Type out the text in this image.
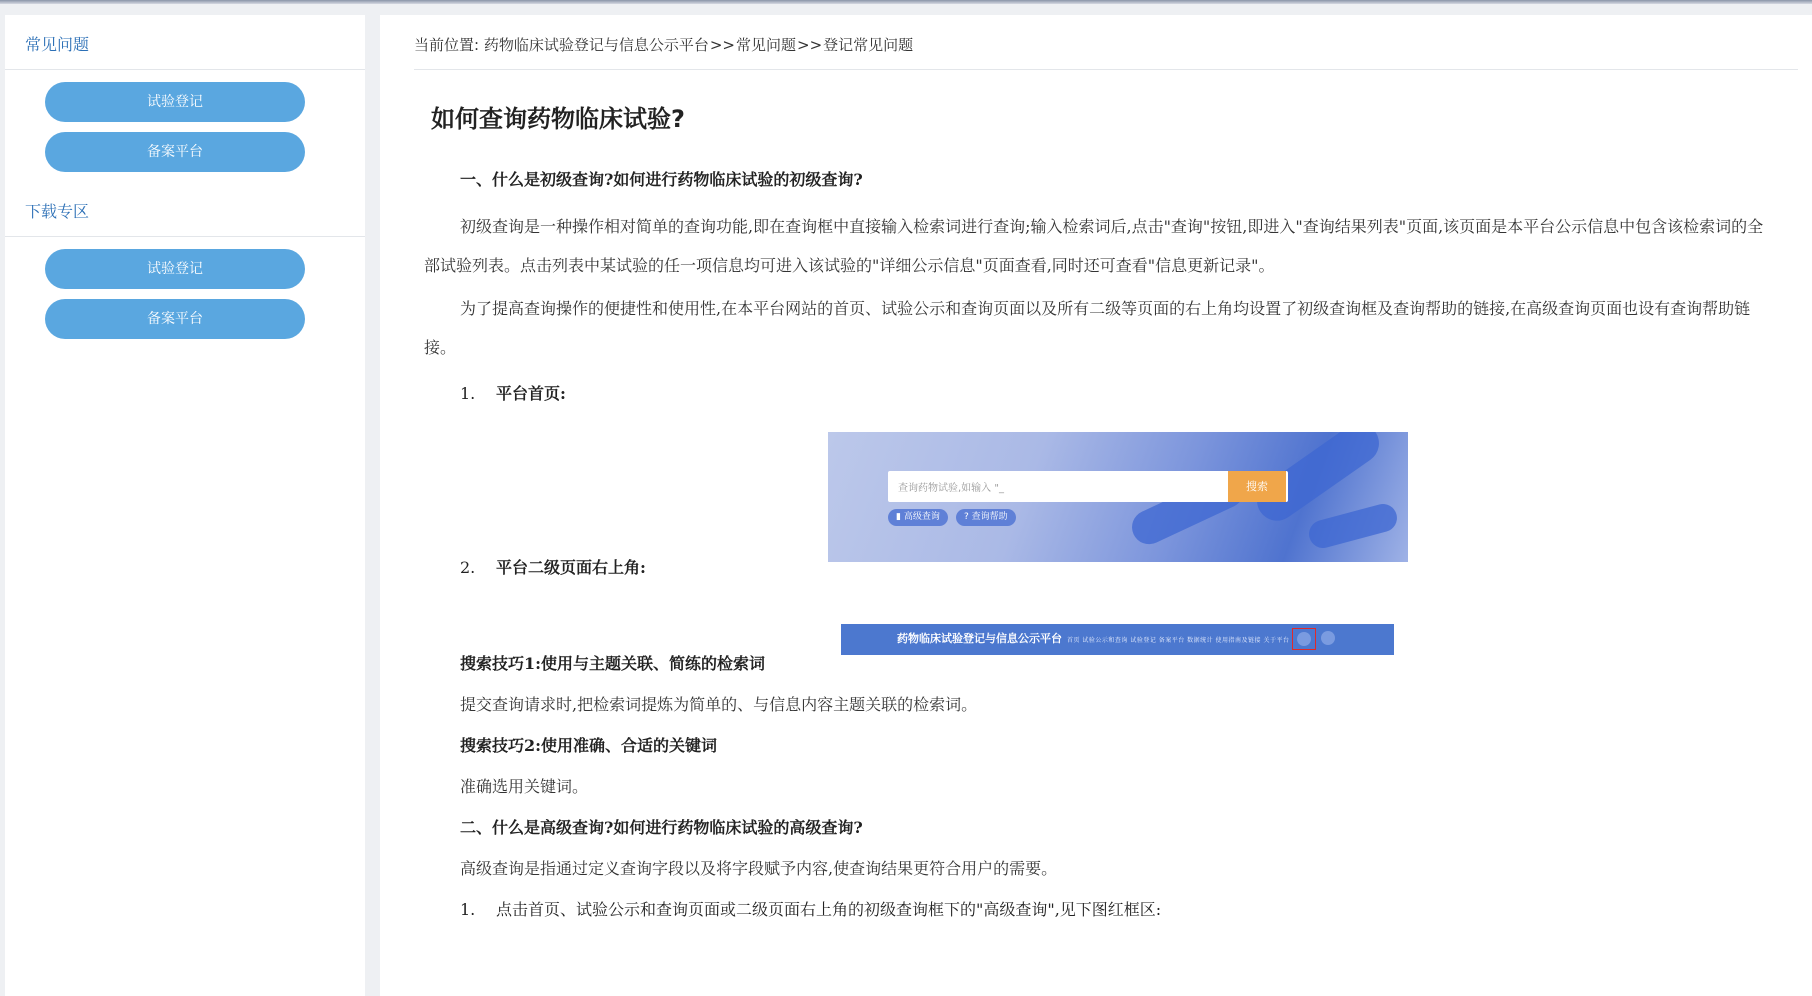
常见问题
试验登记
备案平台
下载专区
试验登记
备案平台
当前位置: 药物临床试验登记与信息公示平台>>常见问题>>登记常见问题
如何查询药物临床试验?

一、什么是初级查询?如何进行药物临床试验的初级查询?

初级查询是一种操作相对简单的查询功能,即在查询框中直接输入检索词进行查询;输入检索词后,点击"查询"按钮,即进入"查询结果列表"页面,该页面是本平台公示信息中包含该检索词的全部试验列表。点击列表中某试验的任一项信息均可进入该试验的"详细公示信息"页面查看,同时还可查看"信息更新记录"。

为了提高查询操作的便捷性和使用性,在本平台网站的首页、试验公示和查询页面以及所有二级等页面的右上角均设置了初级查询框及查询帮助的链接,在高级查询页面也设有查询帮助链接。

1. 平台首页:

2. 平台二级页面右上角:

搜索技巧1:使用与主题关联、简练的检索词

提交查询请求时,把检索词提炼为简单的、与信息内容主题关联的检索词。

搜索技巧2:使用准确、合适的关键词

准确选用关键词。

二、什么是高级查询?如何进行药物临床试验的高级查询?

高级查询是指通过定义查询字段以及将字段赋予内容,使查询结果更符合用户的需要。

1. 点击首页、试验公示和查询页面或二级页面右上角的初级查询框下的"高级查询",见下图红框区:

查询药物试验,如输入 "_	搜索
▮ 高级查询	? 查询帮助
药物临床试验登记与信息公示平台 首页 试验公示和查询 试验登记 备案平台 数据统计 使用指南及链接 关于平台
